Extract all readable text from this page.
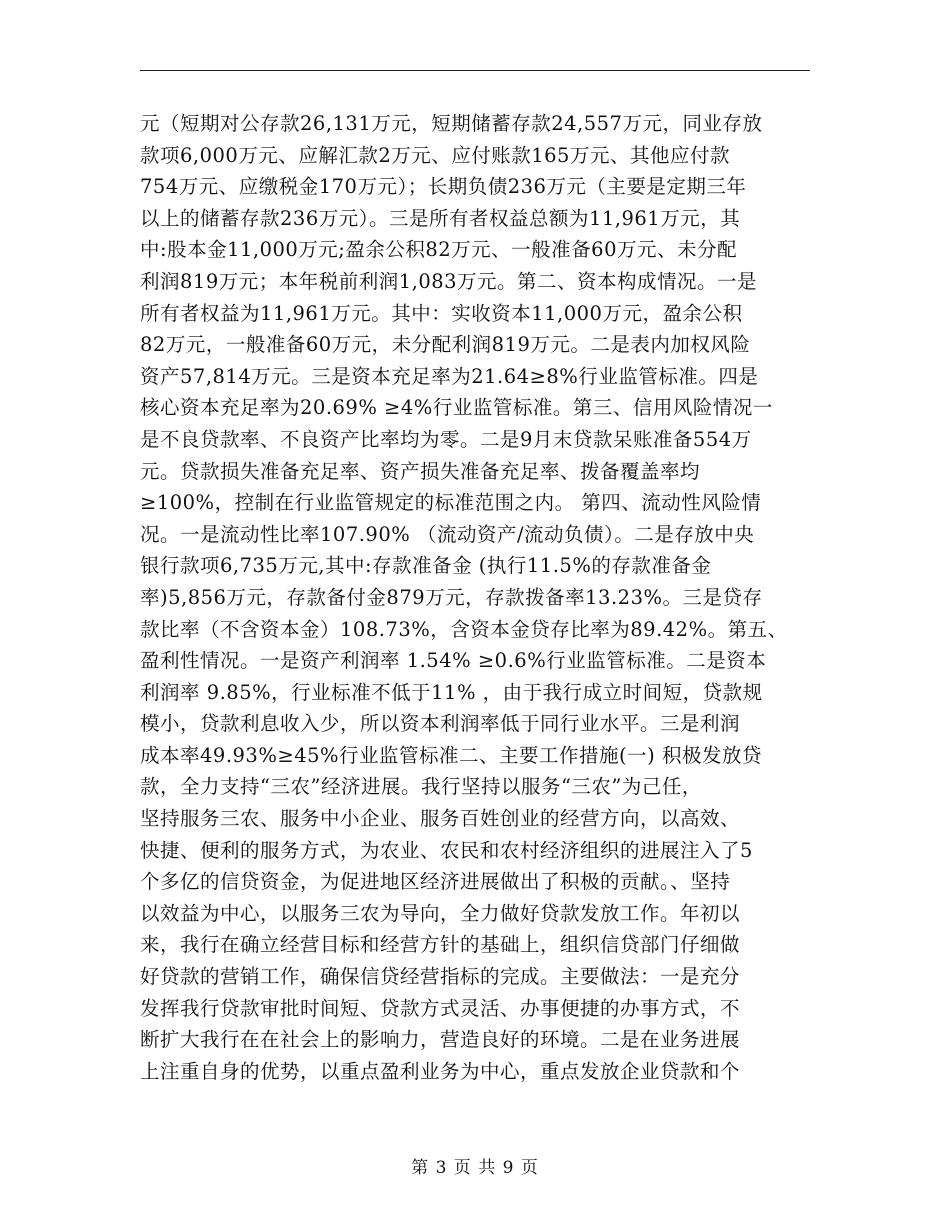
元（短期对公存款26,131万元，短期储蓄存款24,557万元，同业存放
款项6,000万元、应解汇款2万元、应付账款165万元、其他应付款
754万元、应缴税金170万元）；长期负债236万元（主要是定期三年
以上的储蓄存款236万元）。三是所有者权益总额为11,961万元，其
中:股本金11,000万元;盈余公积82万元、一般准备60万元、未分配
利润819万元；本年税前利润1,083万元。第二、资本构成情况。一是
所有者权益为11,961万元。其中：实收资本11,000万元，盈余公积
82万元，一般准备60万元，未分配利润819万元。二是表内加权风险
资产57,814万元。三是资本充足率为21.64≥8%行业监管标准。四是
核心资本充足率为20.69% ≥4%行业监管标准。第三、信用风险情况一
是不良贷款率、不良资产比率均为零。二是9月末贷款呆账准备554万
元。贷款损失准备充足率、资产损失准备充足率、拨备覆盖率均
≥100%，控制在行业监管规定的标准范围之内。 第四、流动性风险情
况。一是流动性比率107.90% （流动资产/流动负债）。二是存放中央
银行款项6,735万元,其中:存款准备金 (执行11.5%的存款准备金
率)5,856万元，存款备付金879万元，存款拨备率13.23%。三是贷存
款比率（不含资本金）108.73%，含资本金贷存比率为89.42%。第五、
盈利性情况。一是资产利润率 1.54% ≥0.6%行业监管标准。二是资本
利润率 9.85%，行业标准不低于11% ，由于我行成立时间短，贷款规
模小，贷款利息收入少，所以资本利润率低于同行业水平。三是利润
成本率49.93%≥45%行业监管标准二、主要工作措施(一) 积极发放贷
款，全力支持“三农”经济进展。我行坚持以服务“三农”为己任，
坚持服务三农、服务中小企业、服务百姓创业的经营方向，以高效、
快捷、便利的服务方式，为农业、农民和农村经济组织的进展注入了5
个多亿的信贷资金，为促进地区经济进展做出了积极的贡献。、坚持
以效益为中心，以服务三农为导向，全力做好贷款发放工作。年初以
来，我行在确立经营目标和经营方针的基础上，组织信贷部门仔细做
好贷款的营销工作，确保信贷经营指标的完成。主要做法：一是充分
发挥我行贷款审批时间短、贷款方式灵活、办事便捷的办事方式，不
断扩大我行在在社会上的影响力，营造良好的环境。二是在业务进展
上注重自身的优势，以重点盈利业务为中心，重点发放企业贷款和个
第 3 页 共 9 页
